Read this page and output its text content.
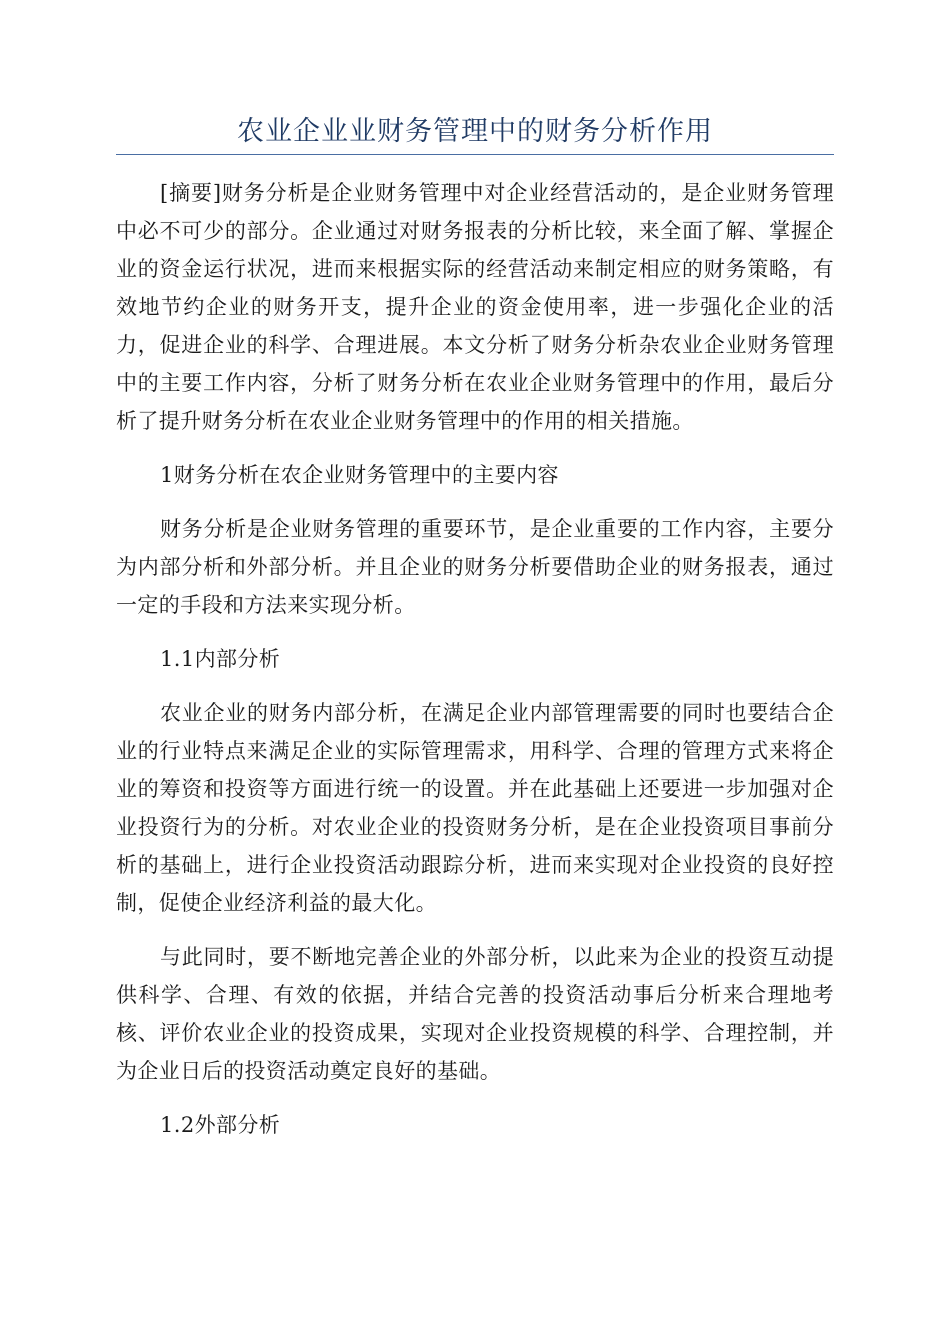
农业企业业财务管理中的财务分析作用

[摘要]财务分析是企业财务管理中对企业经营活动的，是企业财务管理中必不可少的部分。企业通过对财务报表的分析比较，来全面了解、掌握企业的资金运行状况，进而来根据实际的经营活动来制定相应的财务策略，有效地节约企业的财务开支，提升企业的资金使用率，进一步强化企业的活力，促进企业的科学、合理进展。本文分析了财务分析杂农业企业财务管理中的主要工作内容，分析了财务分析在农业企业财务管理中的作用，最后分析了提升财务分析在农业企业财务管理中的作用的相关措施。

1财务分析在农企业财务管理中的主要内容

财务分析是企业财务管理的重要环节，是企业重要的工作内容，主要分为内部分析和外部分析。并且企业的财务分析要借助企业的财务报表，通过一定的手段和方法来实现分析。

1.1内部分析

农业企业的财务内部分析，在满足企业内部管理需要的同时也要结合企业的行业特点来满足企业的实际管理需求，用科学、合理的管理方式来将企业的筹资和投资等方面进行统一的设置。并在此基础上还要进一步加强对企业投资行为的分析。对农业企业的投资财务分析，是在企业投资项目事前分析的基础上，进行企业投资活动跟踪分析，进而来实现对企业投资的良好控制，促使企业经济利益的最大化。

与此同时，要不断地完善企业的外部分析，以此来为企业的投资互动提供科学、合理、有效的依据，并结合完善的投资活动事后分析来合理地考核、评价农业企业的投资成果，实现对企业投资规模的科学、合理控制，并为企业日后的投资活动奠定良好的基础。

1.2外部分析
